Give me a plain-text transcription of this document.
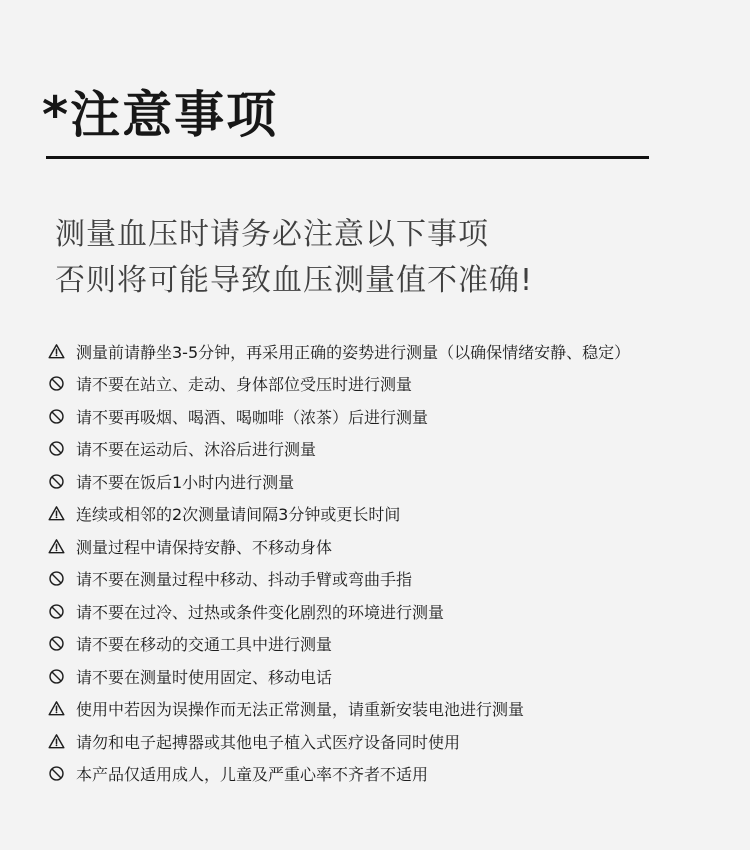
*注意事项
测量血压时请务必注意以下事项
否则将可能导致血压测量值不准确!
测量前请静坐3-5分钟，再采用正确的姿势进行测量（以确保情绪安静、稳定）
请不要在站立、走动、身体部位受压时进行测量
请不要再吸烟、喝酒、喝咖啡（浓茶）后进行测量
请不要在运动后、沐浴后进行测量
请不要在饭后1小时内进行测量
连续或相邻的2次测量请间隔3分钟或更长时间
测量过程中请保持安静、不移动身体
请不要在测量过程中移动、抖动手臂或弯曲手指
请不要在过冷、过热或条件变化剧烈的环境进行测量
请不要在移动的交通工具中进行测量
请不要在测量时使用固定、移动电话
使用中若因为误操作而无法正常测量，请重新安装电池进行测量
请勿和电子起搏器或其他电子植入式医疗设备同时使用
本产品仅适用成人，儿童及严重心率不齐者不适用
